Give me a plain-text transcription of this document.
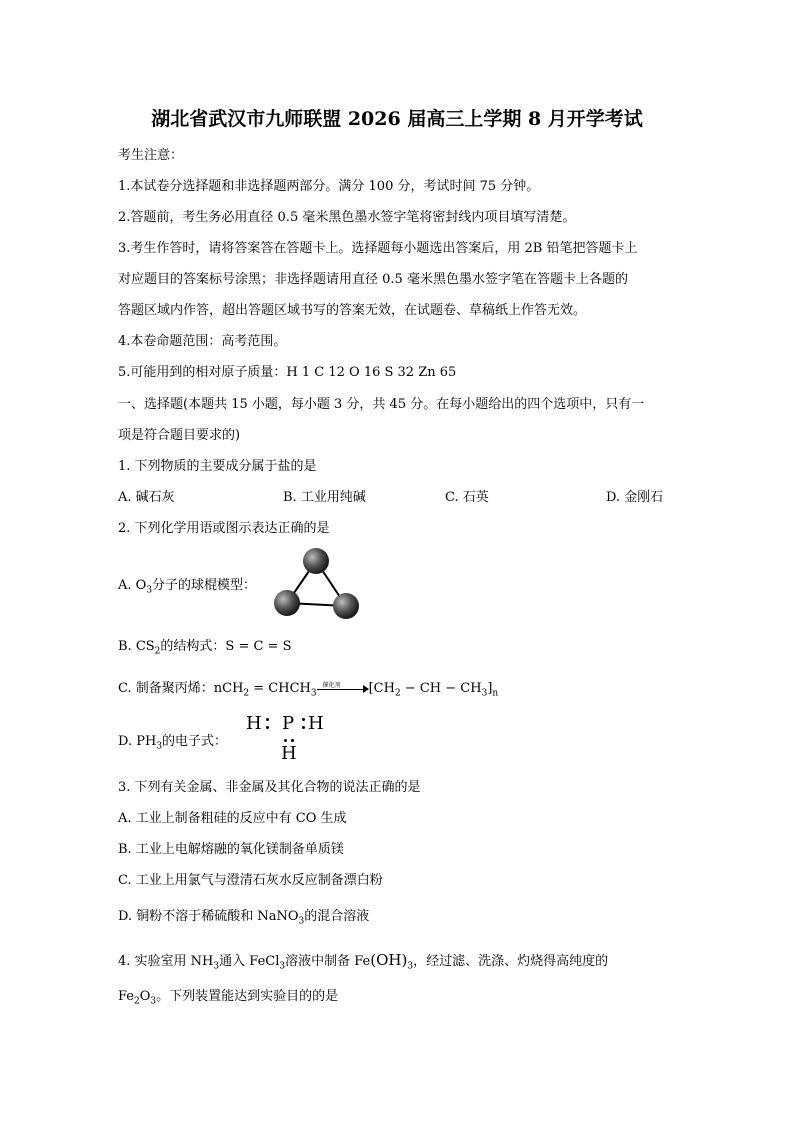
湖北省武汉市九师联盟 2026 届高三上学期 8 月开学考试
考生注意：
1.本试卷分选择题和非选择题两部分。满分 100 分，考试时间 75 分钟。
2.答题前，考生务必用直径 0.5 毫米黑色墨水签字笔将密封线内项目填写清楚。
3.考生作答时，请将答案答在答题卡上。选择题每小题选出答案后，用 2B 铅笔把答题卡上
对应题目的答案标号涂黑；非选择题请用直径 0.5 毫米黑色墨水签字笔在答题卡上各题的
答题区域内作答，超出答题区域书写的答案无效，在试题卷、草稿纸上作答无效。
4.本卷命题范围：高考范围。
5.可能用到的相对原子质量：H 1 C 12 O 16 S 32 Zn 65
一、选择题(本题共 15 小题，每小题 3 分，共 45 分。在每小题给出的四个选项中，只有一
项是符合题目要求的)
1. 下列物质的主要成分属于盐的是
A. 碱石灰	B. 工业用纯碱	C. 石英	D. 金刚石
2. 下列化学用语或图示表达正确的是
A. $O_3$分子的球棍模型：
B. $CS_2$的结构式：S = C = S
C. 制备聚丙烯：$nCH_2 = CHCH_3$
催化剂 [$CH_2$ − CH − $CH_3]_n$
D. $PH_3$的电子式：
H P H
H
3. 下列有关金属、非金属及其化合物的说法正确的是
A. 工业上制备粗硅的反应中有 CO 生成
B. 工业上电解熔融的氧化镁制备单质镁
C. 工业上用氯气与澄清石灰水反应制备漂白粉
D. 铜粉不溶于稀硫酸和 NaNO$_3$的混合溶液
4. 实验室用 $NH_3$通入 FeCl$_3$溶液中制备 $Fe(OH)_3$，经过滤、洗涤、灼烧得高纯度的
$Fe_2O_3$。下列装置能达到实验目的的是
